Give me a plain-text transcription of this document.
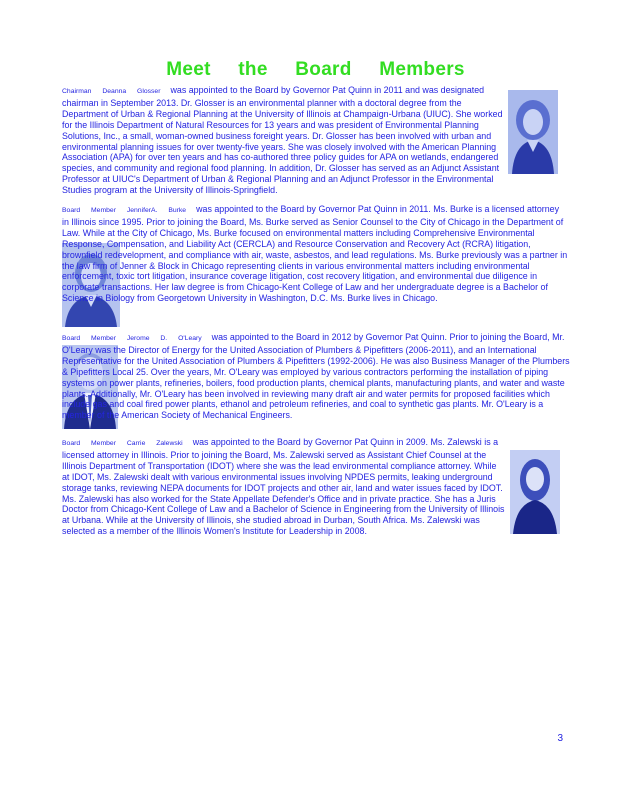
Meet the Board Members

Chairman Deanna Glosser was appointed to the Board by Governor Pat Quinn in 2011 and was designated chairman in September 2013. Dr. Glosser is an environmental planner with a doctoral degree from the Department of Urban & Regional Planning at the University of Illinois at Champaign-Urbana (UIUC). She worked for the Illinois Department of Natural Resources for 13 years and was president of Environmental Planning Solutions, Inc., a small, woman-owned business foreight years. Dr. Glosser has been involved with urban and environmental planning issues for over twenty-five years. She was closely involved with the American Planning Association (APA) for over ten years and has co-authored three policy guides for APA on wetlands, endangered species, and community and regional food planning. In addition, Dr. Glosser has served as an Adjunct Assistant Professor at UIUC's Department of Urban & Regional Planning and an Adjunct Professor in the Environmental Studies program at the University of Illinois-Springfield.

Board Member JenniferA. Burke was appointed to the Board by Governor Pat Quinn in 2011. Ms. Burke is a licensed attorney in Illinois since 1995. Prior to joining the Board, Ms. Burke served as Senior Counsel to the City of Chicago in the Department of Law. While at the City of Chicago, Ms. Burke focused on environmental matters including Comprehensive Environmental Response, Compensation, and Liability Act (CERCLA) and Resource Conservation and Recovery Act (RCRA) litigation, brownfield redevelopment, and compliance with air, waste, asbestos, and lead regulations. Ms. Burke previously was a partner in the law firm of Jenner & Block in Chicago representing clients in various environmental matters including environmental enforcement, toxic tort litigation, insurance coverage litigation, cost recovery litigation, and environmental due diligence in corporate transactions. Her law degree is from Chicago-Kent College of Law and her undergraduate degree is a Bachelor of Science in Biology from Georgetown University in Washington, D.C. Ms. Burke lives in Chicago.

Board Member Jerome D. O'Leary was appointed to the Board in 2012 by Governor Pat Quinn. Prior to joining the Board, Mr. O'Leary was the Director of Energy for the United Association of Plumbers & Pipefitters (2006-2011), and an International Representative for the United Association of Plumbers & Pipefitters (1992-2006). He was also Business Manager of the Plumbers & Pipefitters Local 25. Over the years, Mr. O'Leary was employed by various contractors performing the installation of piping systems on power plants, refineries, boilers, food production plants, chemical plants, manufacturing plants, and water and waste plants. Additionally, Mr. O'Leary has been involved in reviewing many draft air and water permits for proposed facilities which include gas and coal fired power plants, ethanol and petroleum refineries, and coal to synthetic gas plants. Mr. O'Leary is a member of the American Society of Mechanical Engineers.

Board Member Carrie Zalewski was appointed to the Board by Governor Pat Quinn in 2009. Ms. Zalewski is a licensed attorney in Illinois. Prior to joining the Board, Ms. Zalewski served as Assistant Chief Counsel at the Illinois Department of Transportation (IDOT) where she was the lead environmental compliance attorney. While at IDOT, Ms. Zalewski dealt with various environmental issues involving NPDES permits, leaking underground storage tanks, reviewing NEPA documents for IDOT projects and other air, land and water issues faced by IDOT. Ms. Zalewski has also worked for the State Appellate Defender's Office and in private practice. She has a Juris Doctor from Chicago-Kent College of Law and a Bachelor of Science in Engineering from the University of Illinois at Urbana. While at the University of Illinois, she studied abroad in Durban, South Africa. Ms. Zalewski was selected as a member of the Illinois Women's Institute for Leadership in 2008.

3
